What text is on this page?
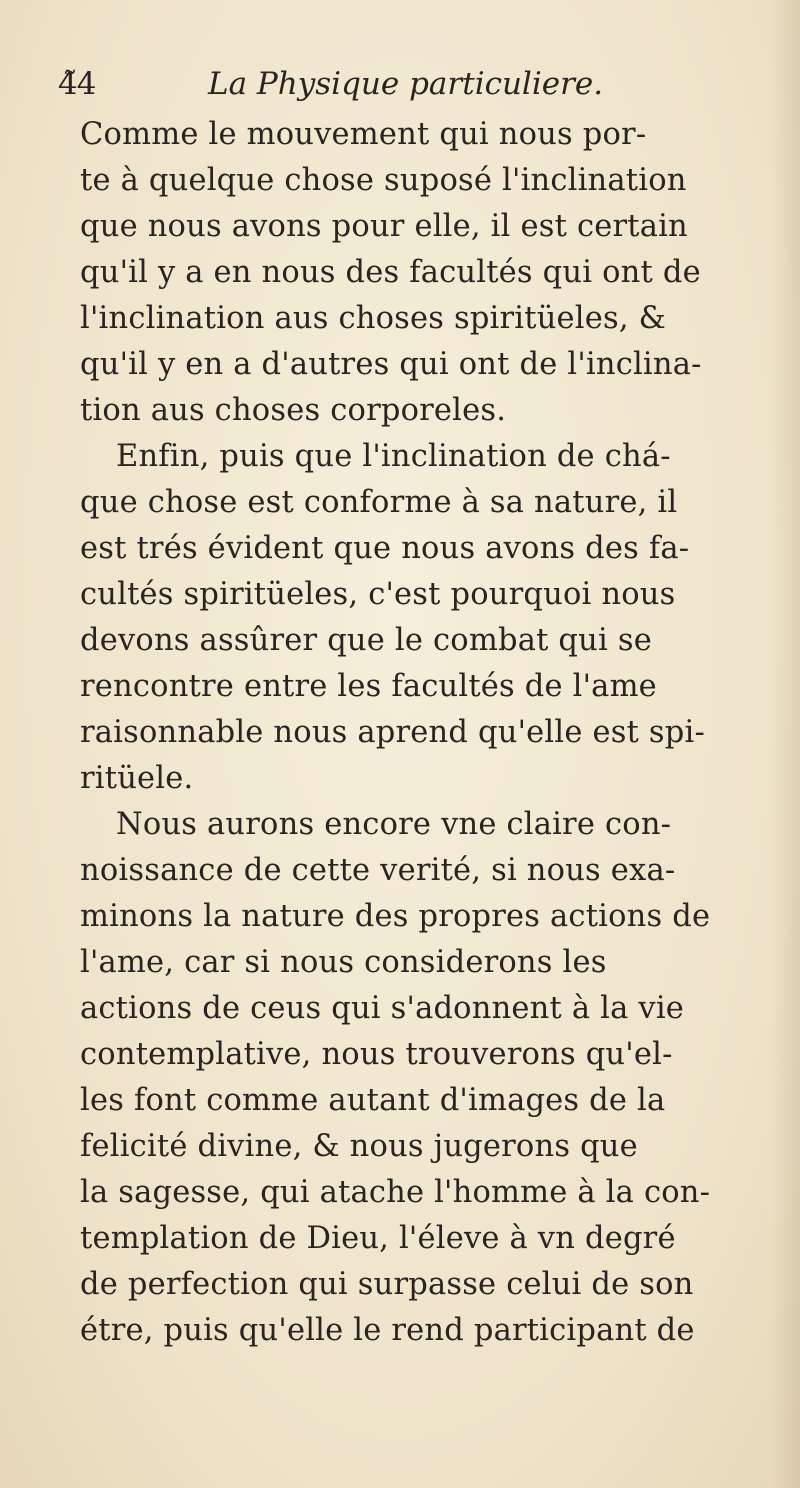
4̃4	La Physique particuliere.
Comme le mouvement qui nous por-
te à quelque chose suposé l'inclination
que nous avons pour elle, il est certain
qu'il y a en nous des facultés qui ont de
l'inclination aus choses spiritüeles, &
qu'il y en a d'autres qui ont de l'inclina-
tion aus choses corporeles.
Enfin, puis que l'inclination de chá-
que chose est conforme à sa nature, il
est trés évident que nous avons des fa-
cultés spiritüeles, c'est pourquoi nous
devons assûrer que le combat qui se
rencontre entre les facultés de l'ame
raisonnable nous aprend qu'elle est spi-
ritüele.
Nous aurons encore vne claire con-
noissance de cette verité, si nous exa-
minons la nature des propres actions de
l'ame, car si nous considerons les
actions de ceus qui s'adonnent à la vie
contemplative, nous trouverons qu'el-
les font comme autant d'images de la
felicité divine, & nous jugerons que
la sagesse, qui atache l'homme à la con-
templation de Dieu, l'éleve à vn degré
de perfection qui surpasse celui de son
étre, puis qu'elle le rend participant de
